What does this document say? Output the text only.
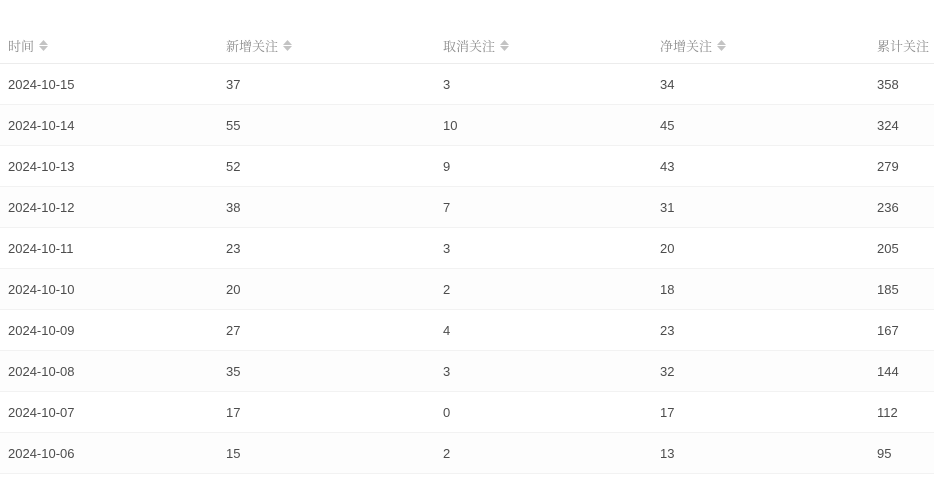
时间	新增关注	取消关注	净增关注	累计关注
2024-10-15	37	3	34	358
2024-10-14	55	10	45	324
2024-10-13	52	9	43	279
2024-10-12	38	7	31	236
2024-10-11	23	3	20	205
2024-10-10	20	2	18	185
2024-10-09	27	4	23	167
2024-10-08	35	3	32	144
2024-10-07	17	0	17	112
2024-10-06	15	2	13	95
